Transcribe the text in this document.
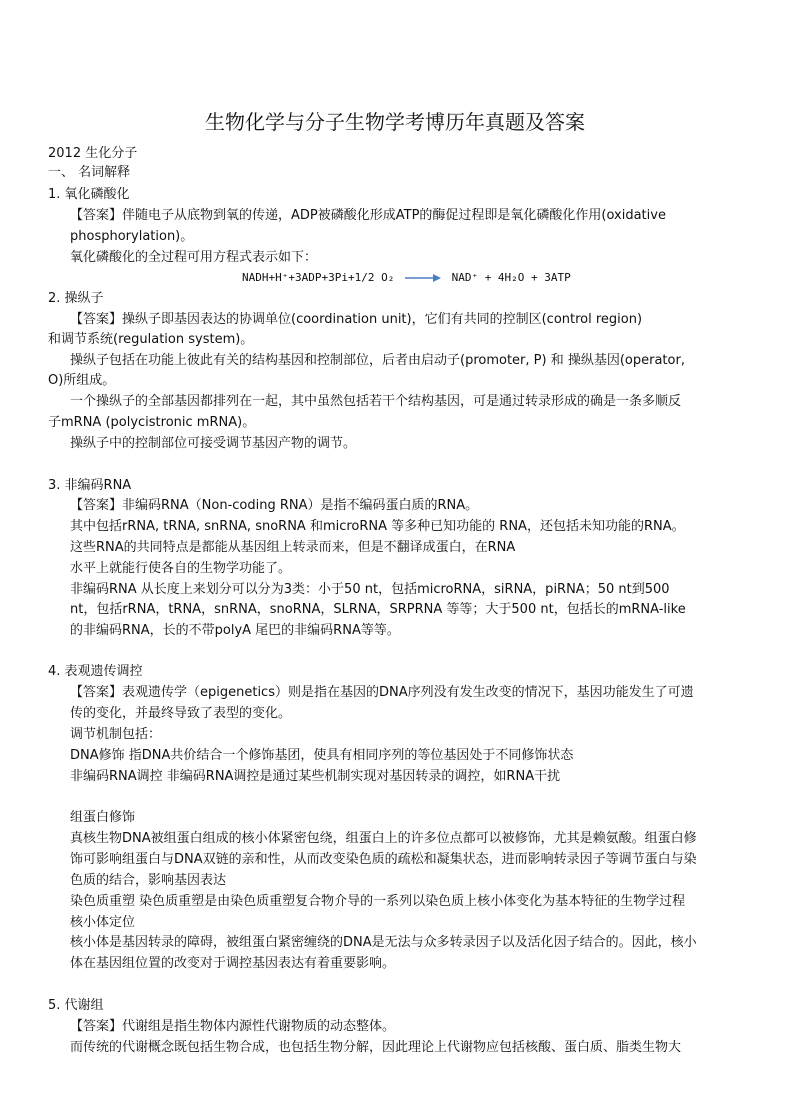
生物化学与分子生物学考博历年真题及答案
2012 生化分子
一、 名词解释
1. 氧化磷酸化
【答案】伴随电子从底物到氧的传递，ADP被磷酸化形成ATP的酶促过程即是氧化磷酸化作用(oxidative
phosphorylation)。
氧化磷酸化的全过程可用方程式表示如下：
NADH+H⁺+3ADP+3Pi+1/2 O₂ → NAD⁺ + 4H₂O + 3ATP
2. 操纵子
【答案】操纵子即基因表达的协调单位(coordination unit)，它们有共同的控制区(control region)
和调节系统(regulation system)。
操纵子包括在功能上彼此有关的结构基因和控制部位，后者由启动子(promoter, P) 和 操纵基因(operator,
O)所组成。
一个操纵子的全部基因都排列在一起，其中虽然包括若干个结构基因，可是通过转录形成的确是一条多顺反
子mRNA (polycistronic mRNA)。
操纵子中的控制部位可接受调节基因产物的调节。
3. 非编码RNA
【答案】非编码RNA（Non-coding RNA）是指不编码蛋白质的RNA。
其中包括rRNA, tRNA, snRNA, snoRNA 和microRNA 等多种已知功能的 RNA，还包括未知功能的RNA。
这些RNA的共同特点是都能从基因组上转录而来，但是不翻译成蛋白，在RNA
水平上就能行使各自的生物学功能了。
非编码RNA 从长度上来划分可以分为3类：小于50 nt，包括microRNA，siRNA，piRNA；50 nt到500
nt，包括rRNA，tRNA，snRNA，snoRNA，SLRNA，SRPRNA 等等；大于500 nt，包括长的mRNA-like
的非编码RNA，长的不带polyA 尾巴的非编码RNA等等。
4. 表观遗传调控
【答案】表观遗传学（epigenetics）则是指在基因的DNA序列没有发生改变的情况下，基因功能发生了可遗
传的变化，并最终导致了表型的变化。
调节机制包括：
DNA修饰 指DNA共价结合一个修饰基团，使具有相同序列的等位基因处于不同修饰状态
非编码RNA调控 非编码RNA调控是通过某些机制实现对基因转录的调控，如RNA干扰
组蛋白修饰
真核生物DNA被组蛋白组成的核小体紧密包绕，组蛋白上的许多位点都可以被修饰，尤其是赖氨酸。组蛋白修
饰可影响组蛋白与DNA双链的亲和性，从而改变染色质的疏松和凝集状态，进而影响转录因子等调节蛋白与染
色质的结合，影响基因表达
染色质重塑 染色质重塑是由染色质重塑复合物介导的一系列以染色质上核小体变化为基本特征的生物学过程
核小体定位
核小体是基因转录的障碍，被组蛋白紧密缠绕的DNA是无法与众多转录因子以及活化因子结合的。因此，核小
体在基因组位置的改变对于调控基因表达有着重要影响。
5. 代谢组
【答案】代谢组是指生物体内源性代谢物质的动态整体。
而传统的代谢概念既包括生物合成，也包括生物分解，因此理论上代谢物应包括核酸、蛋白质、脂类生物大
